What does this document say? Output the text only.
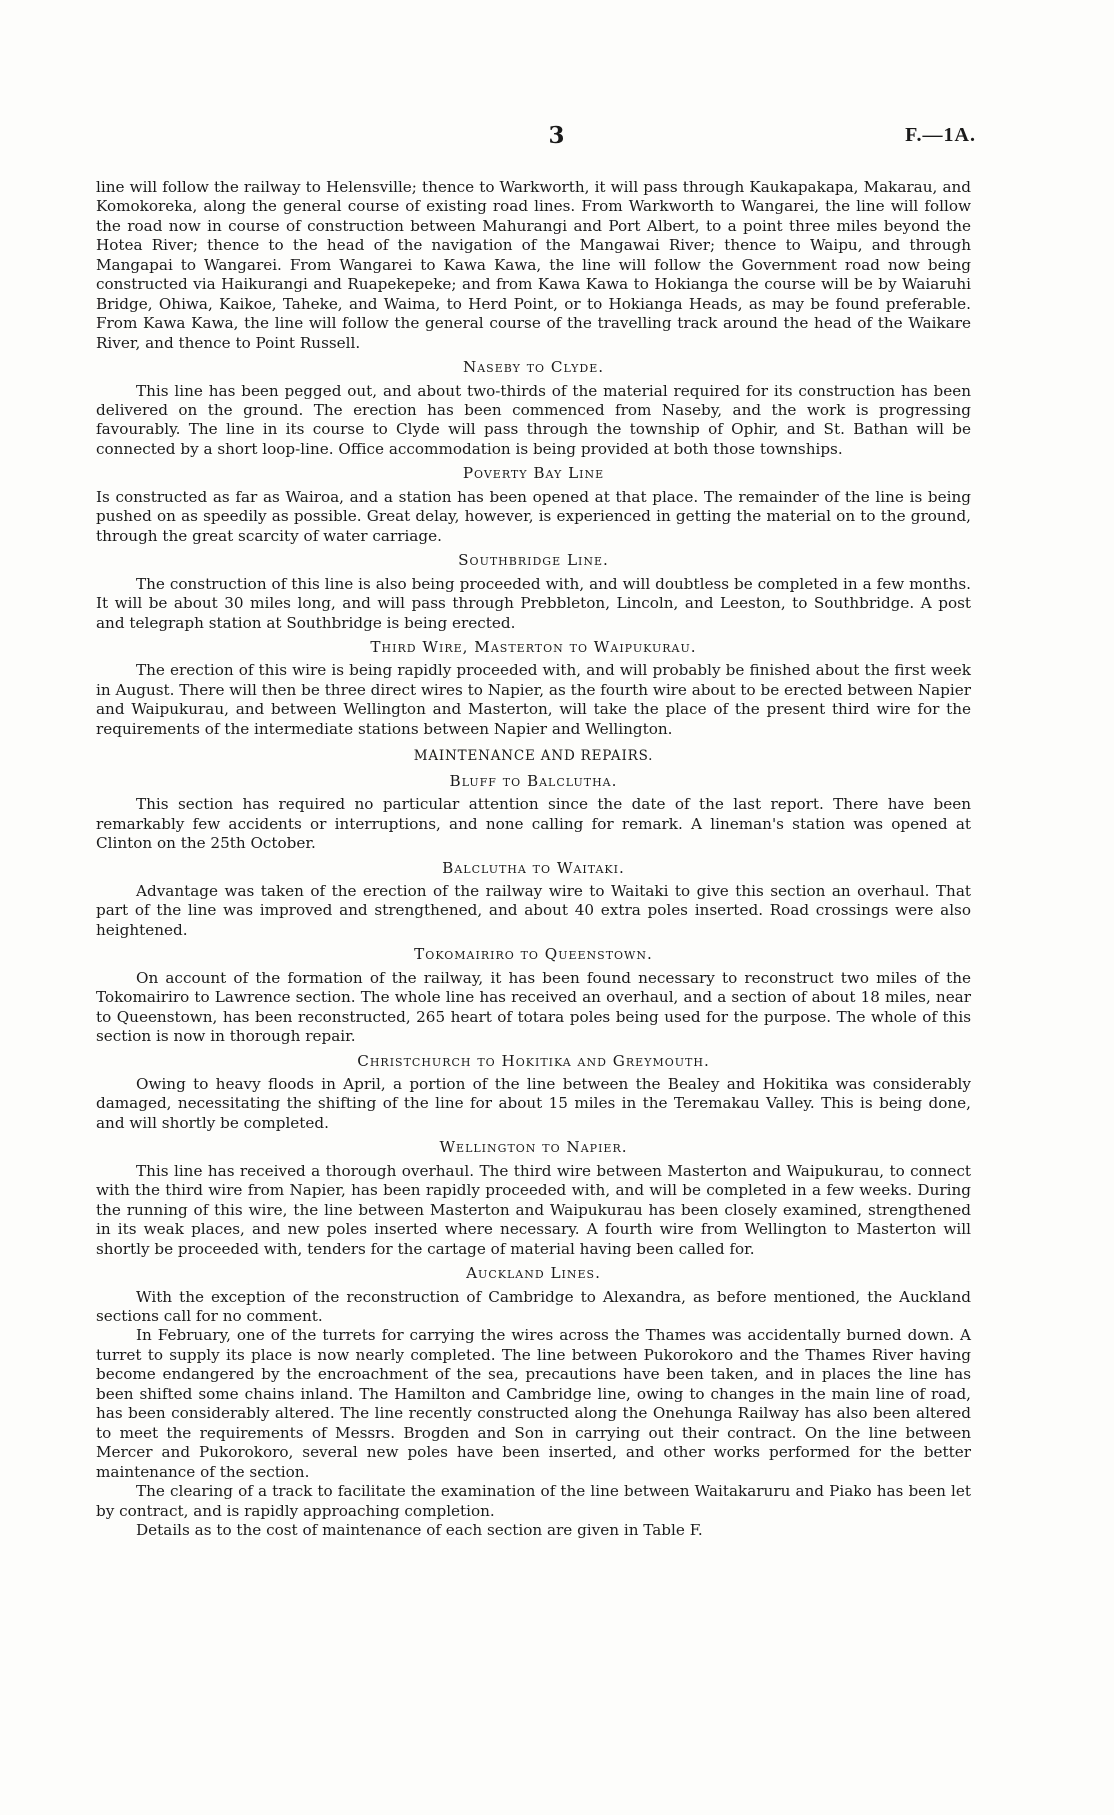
3	F.—1A.

line will follow the railway to Helensville; thence to Warkworth, it will pass through Kaukapakapa, Makarau, and Komokoreka, along the general course of existing road lines. From Warkworth to Wangarei, the line will follow the road now in course of construction between Mahurangi and Port Albert, to a point three miles beyond the Hotea River; thence to the head of the navigation of the Mangawai River; thence to Waipu, and through Mangapai to Wangarei. From Wangarei to Kawa Kawa, the line will follow the Government road now being constructed via Haikurangi and Ruapekepeke; and from Kawa Kawa to Hokianga the course will be by Waiaruhi Bridge, Ohiwa, Kaikoe, Taheke, and Waima, to Herd Point, or to Hokianga Heads, as may be found preferable. From Kawa Kawa, the line will follow the general course of the travelling track around the head of the Waikare River, and thence to Point Russell.

Naseby to Clyde.

This line has been pegged out, and about two-thirds of the material required for its construction has been delivered on the ground. The erection has been commenced from Naseby, and the work is progressing favourably. The line in its course to Clyde will pass through the township of Ophir, and St. Bathan will be connected by a short loop-line. Office accommodation is being provided at both those townships.

Poverty Bay Line

Is constructed as far as Wairoa, and a station has been opened at that place. The remainder of the line is being pushed on as speedily as possible. Great delay, however, is experienced in getting the material on to the ground, through the great scarcity of water carriage.

Southbridge Line.

The construction of this line is also being proceeded with, and will doubtless be completed in a few months. It will be about 30 miles long, and will pass through Prebbleton, Lincoln, and Leeston, to Southbridge. A post and telegraph station at Southbridge is being erected.

Third Wire, Masterton to Waipukurau.

The erection of this wire is being rapidly proceeded with, and will probably be finished about the first week in August. There will then be three direct wires to Napier, as the fourth wire about to be erected between Napier and Waipukurau, and between Wellington and Masterton, will take the place of the present third wire for the requirements of the intermediate stations between Napier and Wellington.

MAINTENANCE AND REPAIRS.
Bluff to Balclutha.

This section has required no particular attention since the date of the last report. There have been remarkably few accidents or interruptions, and none calling for remark. A lineman's station was opened at Clinton on the 25th October.

Balclutha to Waitaki.

Advantage was taken of the erection of the railway wire to Waitaki to give this section an overhaul. That part of the line was improved and strengthened, and about 40 extra poles inserted. Road crossings were also heightened.

Tokomairiro to Queenstown.

On account of the formation of the railway, it has been found necessary to reconstruct two miles of the Tokomairiro to Lawrence section. The whole line has received an overhaul, and a section of about 18 miles, near to Queenstown, has been reconstructed, 265 heart of totara poles being used for the purpose. The whole of this section is now in thorough repair.

Christchurch to Hokitika and Greymouth.

Owing to heavy floods in April, a portion of the line between the Bealey and Hokitika was considerably damaged, necessitating the shifting of the line for about 15 miles in the Teremakau Valley. This is being done, and will shortly be completed.

Wellington to Napier.

This line has received a thorough overhaul. The third wire between Masterton and Waipukurau, to connect with the third wire from Napier, has been rapidly proceeded with, and will be completed in a few weeks. During the running of this wire, the line between Masterton and Waipukurau has been closely examined, strengthened in its weak places, and new poles inserted where necessary. A fourth wire from Wellington to Masterton will shortly be proceeded with, tenders for the cartage of material having been called for.

Auckland Lines.

With the exception of the reconstruction of Cambridge to Alexandra, as before mentioned, the Auckland sections call for no comment.

In February, one of the turrets for carrying the wires across the Thames was accidentally burned down. A turret to supply its place is now nearly completed. The line between Pukorokoro and the Thames River having become endangered by the encroachment of the sea, precautions have been taken, and in places the line has been shifted some chains inland. The Hamilton and Cambridge line, owing to changes in the main line of road, has been considerably altered. The line recently constructed along the Onehunga Railway has also been altered to meet the requirements of Messrs. Brogden and Son in carrying out their contract. On the line between Mercer and Pukorokoro, several new poles have been inserted, and other works performed for the better maintenance of the section.

The clearing of a track to facilitate the examination of the line between Waitakaruru and Piako has been let by contract, and is rapidly approaching completion.

Details as to the cost of maintenance of each section are given in Table F.
